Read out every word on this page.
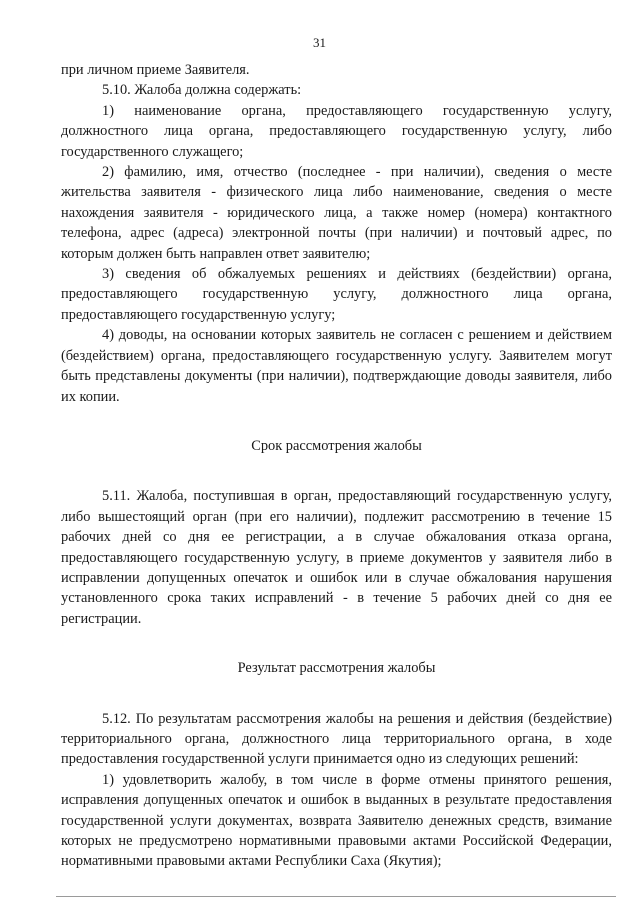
31

при личном приеме Заявителя.

5.10. Жалоба должна содержать:

1) наименование органа, предоставляющего государственную услугу, должностного лица органа, предоставляющего государственную услугу, либо государственного служащего;

2) фамилию, имя, отчество (последнее - при наличии), сведения о месте жительства заявителя - физического лица либо наименование, сведения о месте нахождения заявителя - юридического лица, а также номер (номера) контактного телефона, адрес (адреса) электронной почты (при наличии) и почтовый адрес, по которым должен быть направлен ответ заявителю;

3) сведения об обжалуемых решениях и действиях (бездействии) органа, предоставляющего государственную услугу, должностного лица органа, предоставляющего государственную услугу;

4) доводы, на основании которых заявитель не согласен с решением и действием (бездействием) органа, предоставляющего государственную услугу. Заявителем могут быть представлены документы (при наличии), подтверждающие доводы заявителя, либо их копии.

Срок рассмотрения жалобы

5.11. Жалоба, поступившая в орган, предоставляющий государственную услугу, либо вышестоящий орган (при его наличии), подлежит рассмотрению в течение 15 рабочих дней со дня ее регистрации, а в случае обжалования отказа органа, предоставляющего государственную услугу, в приеме документов у заявителя либо в исправлении допущенных опечаток и ошибок или в случае обжалования нарушения установленного срока таких исправлений - в течение 5 рабочих дней со дня ее регистрации.

Результат рассмотрения жалобы

5.12. По результатам рассмотрения жалобы на решения и действия (бездействие) территориального органа, должностного лица территориального органа, в ходе предоставления государственной услуги принимается одно из следующих решений:

1) удовлетворить жалобу, в том числе в форме отмены принятого решения, исправления допущенных опечаток и ошибок в выданных в результате предоставления государственной услуги документах, возврата Заявителю денежных средств, взимание которых не предусмотрено нормативными правовыми актами Российской Федерации, нормативными правовыми актами Республики Саха (Якутия);
